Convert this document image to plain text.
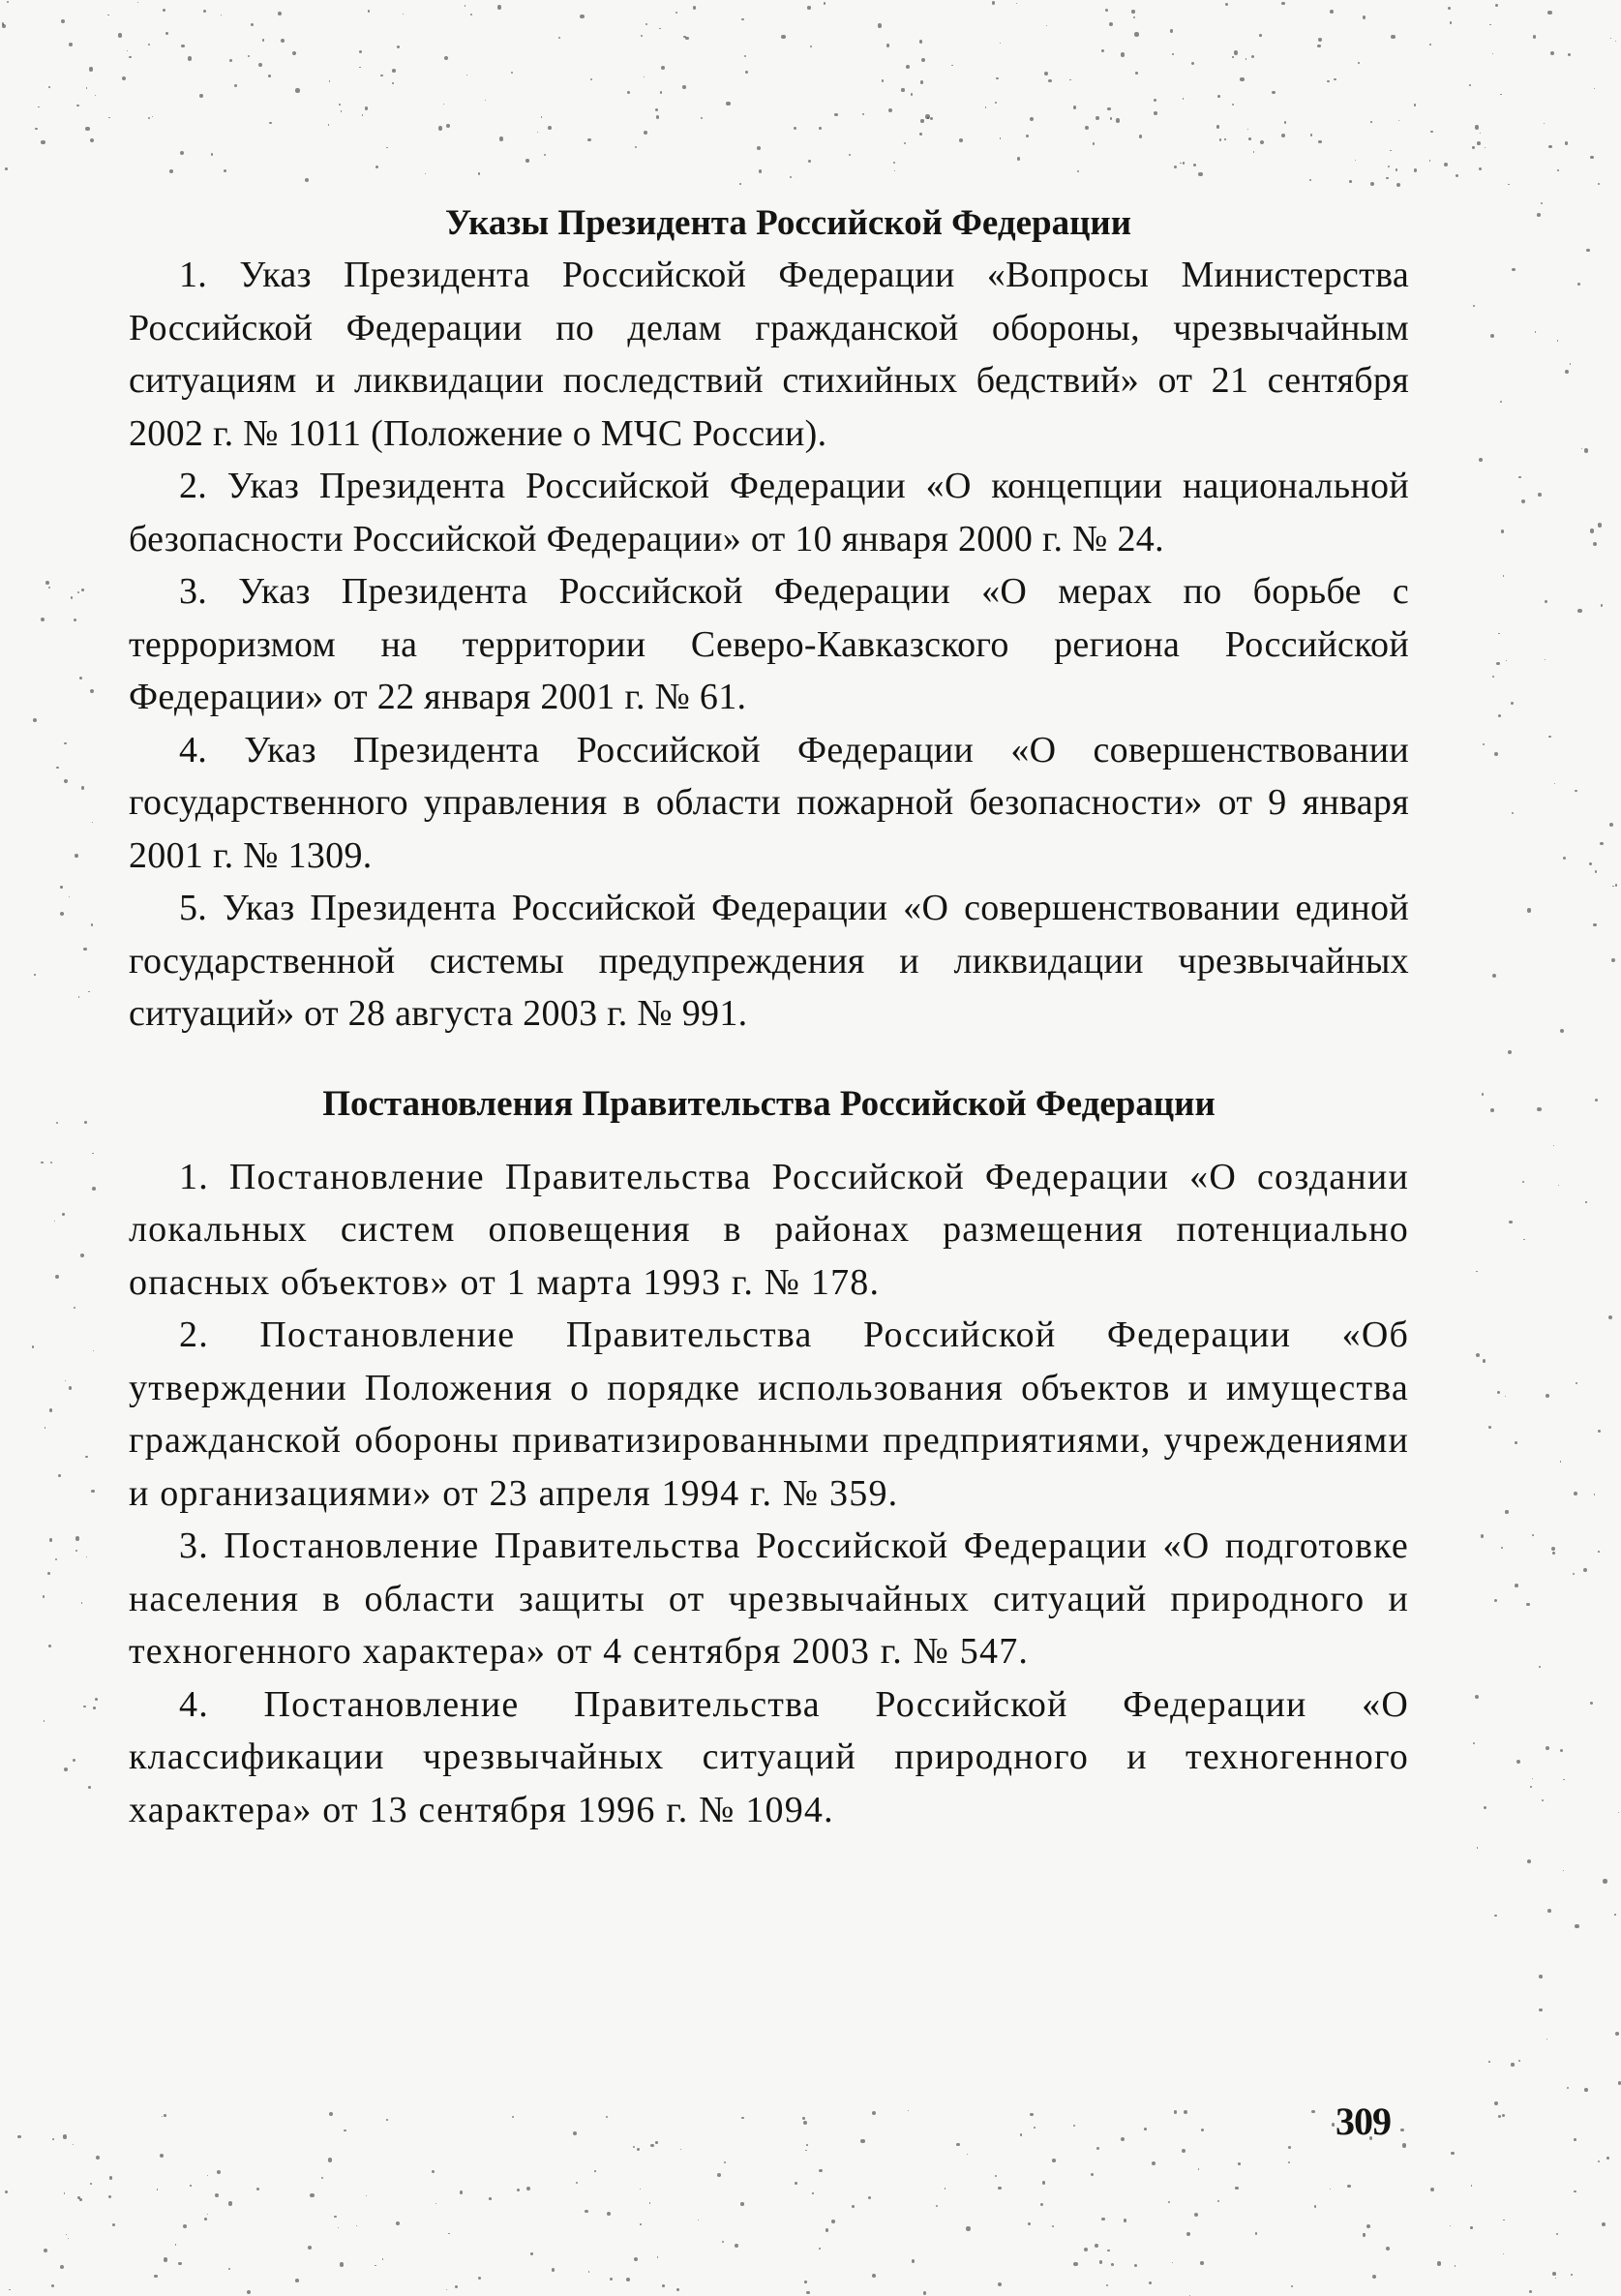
Указы Президента Российской Федерации

1. Указ Президента Российской Федерации «Вопросы Министерства Российской Федерации по делам гражданской обороны, чрезвычайным ситуациям и ликвидации последствий стихийных бедствий» от 21 сентября 2002 г. № 1011 (Положение о МЧС России).

2. Указ Президента Российской Федерации «О концепции национальной безопасности Российской Федерации» от 10 января 2000 г. № 24.

3. Указ Президента Российской Федерации «О мерах по борьбе с терроризмом на территории Северо-Кавказского региона Российской Федерации» от 22 января 2001 г. № 61.

4. Указ Президента Российской Федерации «О совершенствовании государственного управления в области пожарной безопасности» от 9 января 2001 г. № 1309.

5. Указ Президента Российской Федерации «О совершенствовании единой государственной системы предупреждения и ликвидации чрезвычайных ситуаций» от 28 августа 2003 г. № 991.

Постановления Правительства Российской Федерации

1. Постановление Правительства Российской Федерации «О создании локальных систем оповещения в районах размещения потенциально опасных объектов» от 1 марта 1993 г. № 178.

2. Постановление Правительства Российской Федерации «Об утверждении Положения о порядке использования объектов и имущества гражданской обороны приватизированными предприятиями, учреждениями и организациями» от 23 апреля 1994 г. № 359.

3. Постановление Правительства Российской Федерации «О подготовке населения в области защиты от чрезвычайных ситуаций природного и техногенного характера» от 4 сентября 2003 г. № 547.

4. Постановление Правительства Российской Федерации «О классификации чрезвычайных ситуаций природного и техногенного характера» от 13 сентября 1996 г. № 1094.

309
